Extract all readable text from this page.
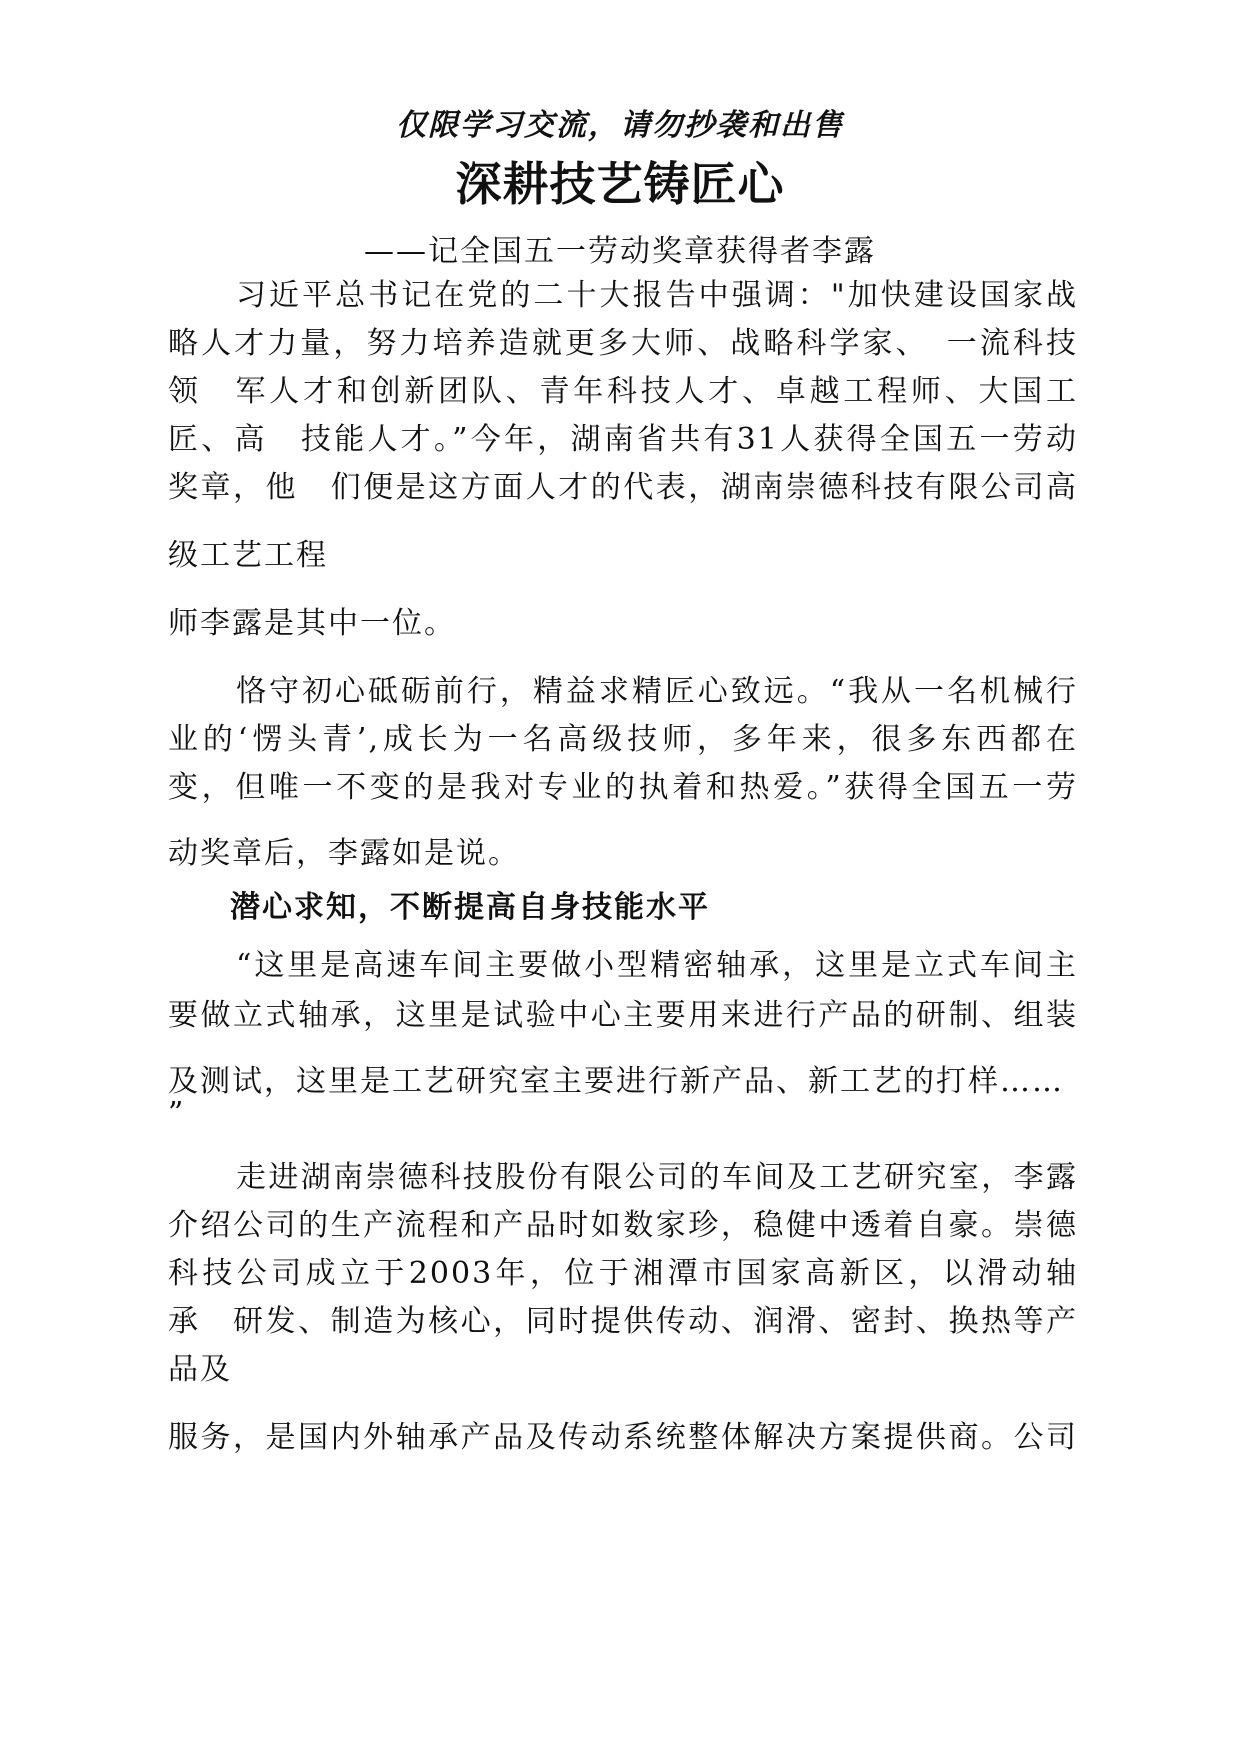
仅限学习交流，请勿抄袭和出售
深耕技艺铸匠心
——记全国五一劳动奖章获得者李露
习近平总书记在党的二十大报告中强调："加快建设国家战
略人才力量，努力培养造就更多大师、战略科学家、　一流科技
领　军人才和创新团队、青年科技人才、卓越工程师、大国工
匠、高　技能人才。”今年，湖南省共有31人获得全国五一劳动
奖章，他　们便是这方面人才的代表，湖南崇德科技有限公司高
级工艺工程
师李露是其中一位。
恪守初心砥砺前行，精益求精匠心致远。“我从一名机械行
业的‘愣头青’,成长为一名高级技师，多年来，很多东西都在
变，但唯一不变的是我对专业的执着和热爱。”获得全国五一劳
动奖章后，李露如是说。
潜心求知，不断提高自身技能水平
“这里是高速车间主要做小型精密轴承，这里是立式车间主
要做立式轴承，这里是试验中心主要用来进行产品的研制、组装
及测试，这里是工艺研究室主要进行新产品、新工艺的打样……
”
走进湖南崇德科技股份有限公司的车间及工艺研究室，李露
介绍公司的生产流程和产品时如数家珍，稳健中透着自豪。崇德
科技公司成立于2003年，位于湘潭市国家高新区，以滑动轴
承　研发、制造为核心，同时提供传动、润滑、密封、换热等产
品及
服务，是国内外轴承产品及传动系统整体解决方案提供商。公司
